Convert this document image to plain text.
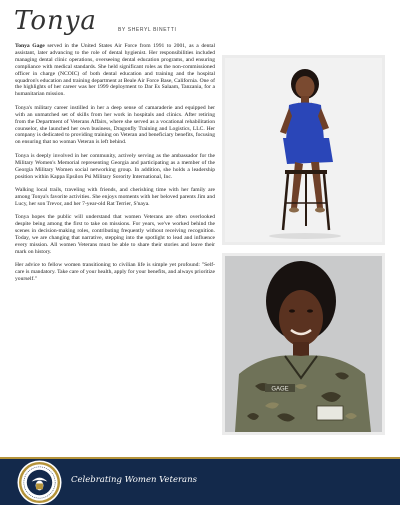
Tonya	BY SHERYL BINETTI

Tonya Gage served in the United States Air Force from 1991 to 2001, as a dental assistant, later advancing to the role of dental hygienist. Her responsibilities included managing dental clinic operations, overseeing dental education programs, and ensuring compliance with medical standards. She held significant roles as the non-commissioned officer in charge (NCOIC) of both dental education and training and the hospital squadron's education and training department at Beale Air Force Base, California. One of the highlights of her career was her 1999 deployment to Dar Es Salaam, Tanzania, for a humanitarian mission.

Tonya's military career instilled in her a deep sense of camaraderie and equipped her with an unmatched set of skills from her work in hospitals and clinics. After retiring from the Department of Veterans Affairs, where she served as a vocational rehabilitation counselor, she launched her own business, Dragonfly Training and Logistics, LLC. Her company is dedicated to providing training on Veteran and beneficiary benefits, focusing on ensuring that no woman Veteran is left behind.

Tonya is deeply involved in her community, actively serving as the ambassador for the Military Women's Memorial representing Georgia and participating as a member of the Georgia Military Women social networking group. In addition, she holds a leadership position within Kappa Epsilon Psi Military Sorority International, Inc.

Walking local trails, traveling with friends, and cherishing time with her family are among Tonya's favorite activities. She enjoys moments with her beloved parents Jim and Lucy, her son Trevor, and her 7-year-old Rat Terrier, S'naya.

Tonya hopes the public will understand that women Veterans are often overlooked despite being among the first to take on missions. For years, we've worked behind the scenes in decision-making roles, contributing frequently without receiving recognition. Today, we are changing that narrative, stepping into the spotlight to lead and influence every mission. All women Veterans must be able to share their stories and leave their mark on history.

Her advice to fellow women transitioning to civilian life is simple yet profound: "Self-care is mandatory. Take care of your health, apply for your benefits, and always prioritize yourself."

GAGE
Celebrating Women Veterans
